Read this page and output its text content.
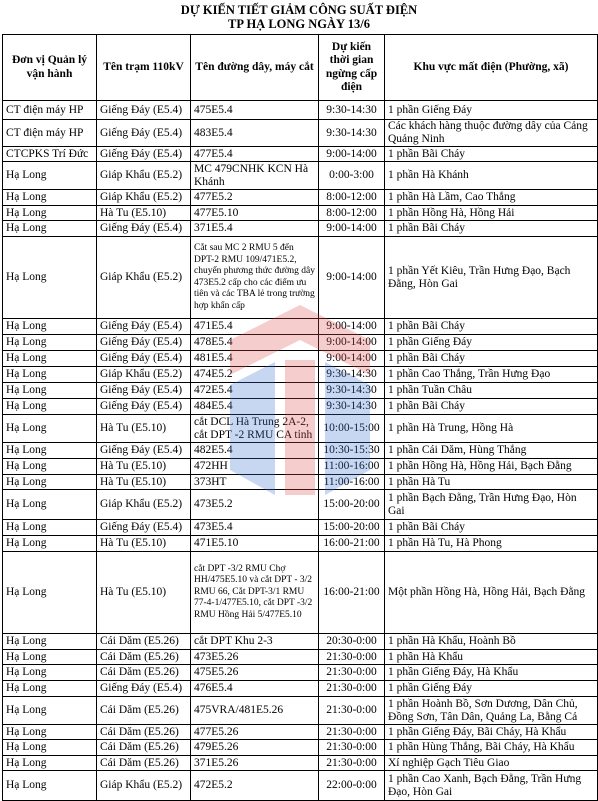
DỰ KIẾN TIẾT GIẢM CÔNG SUẤT ĐIỆN
TP HẠ LONG NGÀY 13/6
Đơn vị Quản lý vận hành	Tên trạm 110kV	Tên đường dây, máy cắt	Dự kiến thời gian ngừng cấp điện	Khu vực mất điện (Phường, xã)
CT điện máy HP	Giếng Đáy (E5.4)	475E5.4	9:30-14:30	1 phần Giếng Đáy
CT điện máy HP	Giếng Đáy (E5.4)	483E5.4	9:30-14:30	Các khách hàng thuộc đường dây của Cảng Quảng Ninh
CTCPKS Trí Đức	Giếng Đáy (E5.4)	477E5.4	9:00-14:00	1 phần Bãi Cháy
Hạ Long	Giáp Khẩu (E5.2)	MC 479CNHK KCN Hà Khánh	0:00-3:00	1 phần Hà Khánh
Hạ Long	Giáp Khẩu (E5.2)	477E5.2	8:00-12:00	1 phần Hà Lầm, Cao Thắng
Hạ Long	Hà Tu (E5.10)	477E5.10	8:00-12:00	1 phần Hồng Hà, Hồng Hải
Hạ Long	Giếng Đáy (E5.4)	371E5.4	9:00-14:00	1 phần Bãi Cháy
Hạ Long	Giáp Khẩu (E5.2)	Cắt sau MC 2 RMU 5 đến DPT-2 RMU 109/471E5.2, chuyển phương thức đường dây 473E5.2 cấp cho các điểm ưu tiên và các TBA lẻ trong trường hợp khẩn cấp	9:00-14:00	1 phần Yết Kiêu, Trần Hưng Đạo, Bạch Đằng, Hòn Gai
Hạ Long	Giếng Đáy (E5.4)	471E5.4	9:00-14:00	1 phần Bãi Cháy
Hạ Long	Giếng Đáy (E5.4)	478E5.4	9:00-14:00	1 phần Giếng Đáy
Hạ Long	Giếng Đáy (E5.4)	481E5.4	9:00-14:00	1 phần Bãi Cháy
Hạ Long	Giáp Khẩu (E5.2)	474E5.2	9:30-14:30	1 phần Cao Thắng, Trần Hưng Đạo
Hạ Long	Giếng Đáy (E5.4)	472E5.4	9:30-14:30	1 phần Tuần Châu
Hạ Long	Giếng Đáy (E5.4)	484E5.4	9:30-14:30	1 phần Bãi Cháy
Hạ Long	Hà Tu (E5.10)	cắt DCL Hà Trung 2A-2, cắt DPT -2 RMU CA tỉnh	10:00-15:00	1 phần Hà Trung, Hồng Hà
Hạ Long	Giếng Đáy (E5.4)	482E5.4	10:30-15:30	1 phần Cái Dăm, Hùng Thắng
Hạ Long	Hà Tu (E5.10)	472HH	11:00-16:00	1 phần Hồng Hà, Hồng Hải, Bạch Đằng
Hạ Long	Hà Tu (E5.10)	373HT	11:00-16:00	1 phần Hà Tu
Hạ Long	Giáp Khẩu (E5.2)	473E5.2	15:00-20:00	1 phần Bạch Đằng, Trần Hưng Đạo, Hòn Gai
Hạ Long	Giếng Đáy (E5.4)	473E5.4	15:00-20:00	1 phần Bãi Cháy
Hạ Long	Hà Tu (E5.10)	471E5.10	16:00-21:00	1 phần Hà Tu, Hà Phong
Hạ Long	Hà Tu (E5.10)	cắt DPT -3/2 RMU Chợ HH/475E5.10 và cắt DPT - 3/2 RMU 66, Cắt DPT-3/1 RMU 77-4-1/477E5.10, cắt DPT -3/2 RMU Hồng Hải 5/477E5.10	16:00-21:00	Một phần Hồng Hà, Hồng Hải, Bạch Đằng
Hạ Long	Cái Dăm (E5.26)	cắt DPT Khu 2-3	20:30-0:00	1 phần Hà Khẩu, Hoành Bồ
Hạ Long	Cái Dăm (E5.26)	473E5.26	21:30-0:00	1 phần Hà Khẩu
Hạ Long	Cái Dăm (E5.26)	475E5.26	21:30-0:00	1 phần Giếng Đáy, Hà Khẩu
Hạ Long	Giếng Đáy (E5.4)	476E5.4	21:30-0:00	1 phần Giếng Đáy
Hạ Long	Cái Dăm (E5.26)	475VRA/481E5.26	21:30-0:00	1 phần Hoành Bồ, Sơn Dương, Dân Chủ, Đồng Sơn, Tân Dân, Quảng La, Bằng Cả
Hạ Long	Cái Dăm (E5.26)	477E5.26	21:30-0:00	1 phần Giếng Đáy, Bãi Cháy, Hà Khẩu
Hạ Long	Cái Dăm (E5.26)	479E5.26	21:30-0:00	1 phần Hùng Thắng, Bãi Cháy, Hà Khẩu
Hạ Long	Cái Dăm (E5.26)	371E5.26	21:30-0:00	Xí nghiệp Gạch Tiêu Giao
Hạ Long	Giáp Khẩu (E5.2)	472E5.2	22:00-0:00	1 phần Cao Xanh, Bạch Đằng, Trần Hưng Đạo, Hòn Gai
